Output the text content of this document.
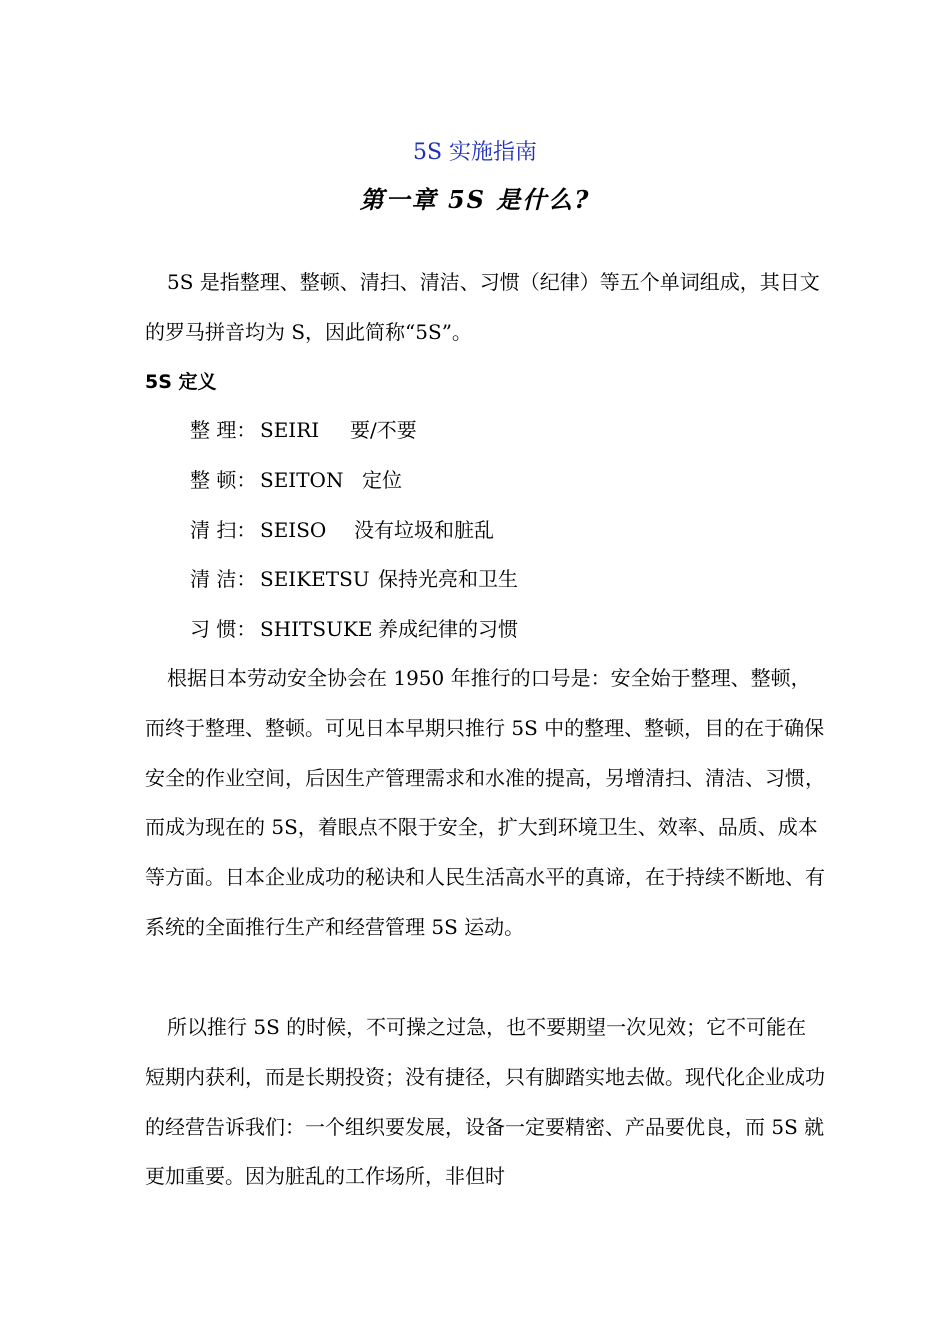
5S 实施指南
第一章 5S 是什么?

5S 是指整理、整顿、清扫、清洁、习惯（纪律）等五个单词组成，其日文的罗马拼音均为 S，因此简称“5S”。

5S 定义
整 理： SEIRI 要/不要
整 顿： SEITON 定位
清 扫： SEISO 没有垃圾和脏乱
清 洁： SEIKETSU 保持光亮和卫生
习 惯： SHITSUKE 养成纪律的习惯

根据日本劳动安全协会在 1950 年推行的口号是：安全始于整理、整顿，而终于整理、整顿。可见日本早期只推行 5S 中的整理、整顿，目的在于确保安全的作业空间，后因生产管理需求和水准的提高，另增清扫、清洁、习惯，而成为现在的 5S，着眼点不限于安全，扩大到环境卫生、效率、品质、成本等方面。日本企业成功的秘诀和人民生活高水平的真谛，在于持续不断地、有系统的全面推行生产和经营管理 5S 运动。

所以推行 5S 的时候，不可操之过急，也不要期望一次见效；它不可能在短期内获利，而是长期投资；没有捷径，只有脚踏实地去做。现代化企业成功的经营告诉我们：一个组织要发展，设备一定要精密、产品要优良，而 5S 就更加重要。因为脏乱的工作场所，非但时
